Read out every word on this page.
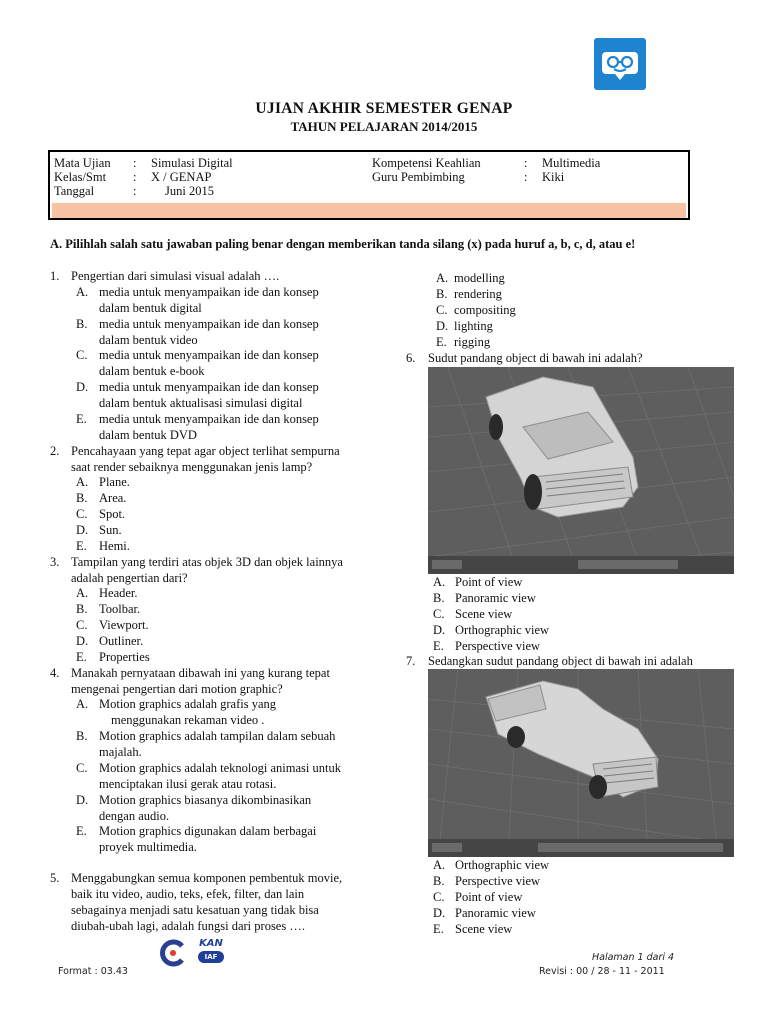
UJIAN AKHIR SEMESTER GENAP
TAHUN PELAJARAN 2014/2015
Mata Ujian : Simulasi Digital	Kompetensi Keahlian	: Multimedia
Kelas/Smt : X / GENAP	Guru Pembimbing	: Kiki
Tanggal	: Juni 2015
A. Pilihlah salah satu jawaban paling benar dengan memberikan tanda silang (x) pada huruf a, b, c, d, atau e!
1. Pengertian dari simulasi visual adalah ….
A. media untuk menyampaikan ide dan konsep
dalam bentuk digital
B. media untuk menyampaikan ide dan konsep
dalam bentuk video
C. media untuk menyampaikan ide dan konsep
dalam bentuk e-book
D. media untuk menyampaikan ide dan konsep
dalam bentuk aktualisasi simulasi digital
E. media untuk menyampaikan ide dan konsep
dalam bentuk DVD
2. Pencahayaan yang tepat agar object terlihat sempurna
saat render sebaiknya menggunakan jenis lamp?
A. Plane.
B. Area.
C. Spot.
D. Sun.
E. Hemi.
3. Tampilan yang terdiri atas objek 3D dan objek lainnya
adalah pengertian dari?
A. Header.
B. Toolbar.
C. Viewport.
D. Outliner.
E. Properties
4. Manakah pernyataan dibawah ini yang kurang tepat
mengenai pengertian dari motion graphic?
A. Motion graphics adalah grafis yang
menggunakan rekaman video .
B. Motion graphics adalah tampilan dalam sebuah
majalah.
C. Motion graphics adalah teknologi animasi untuk
menciptakan ilusi gerak atau rotasi.
D. Motion graphics biasanya dikombinasikan
dengan audio.
E. Motion graphics digunakan dalam berbagai
proyek multimedia.
5. Menggabungkan semua komponen pembentuk movie,
baik itu video, audio, teks, efek, filter, dan lain
sebagainya menjadi satu kesatuan yang tidak bisa
diubah-ubah lagi, adalah fungsi dari proses ….
A. modelling
B. rendering
C. compositing
D. lighting
E. rigging
6. Sudut pandang object di bawah ini adalah?
A. Point of view
B. Panoramic view
C. Scene view
D. Orthographic view
E. Perspective view
7. Sedangkan sudut pandang object di bawah ini adalah
A. Orthographic view
B. Perspective view
C. Point of view
D. Panoramic view
E. Scene view
KAN
IAF
Format : 03.43
Halaman 1 dari 4
Revisi : 00 / 28 - 11 - 2011
